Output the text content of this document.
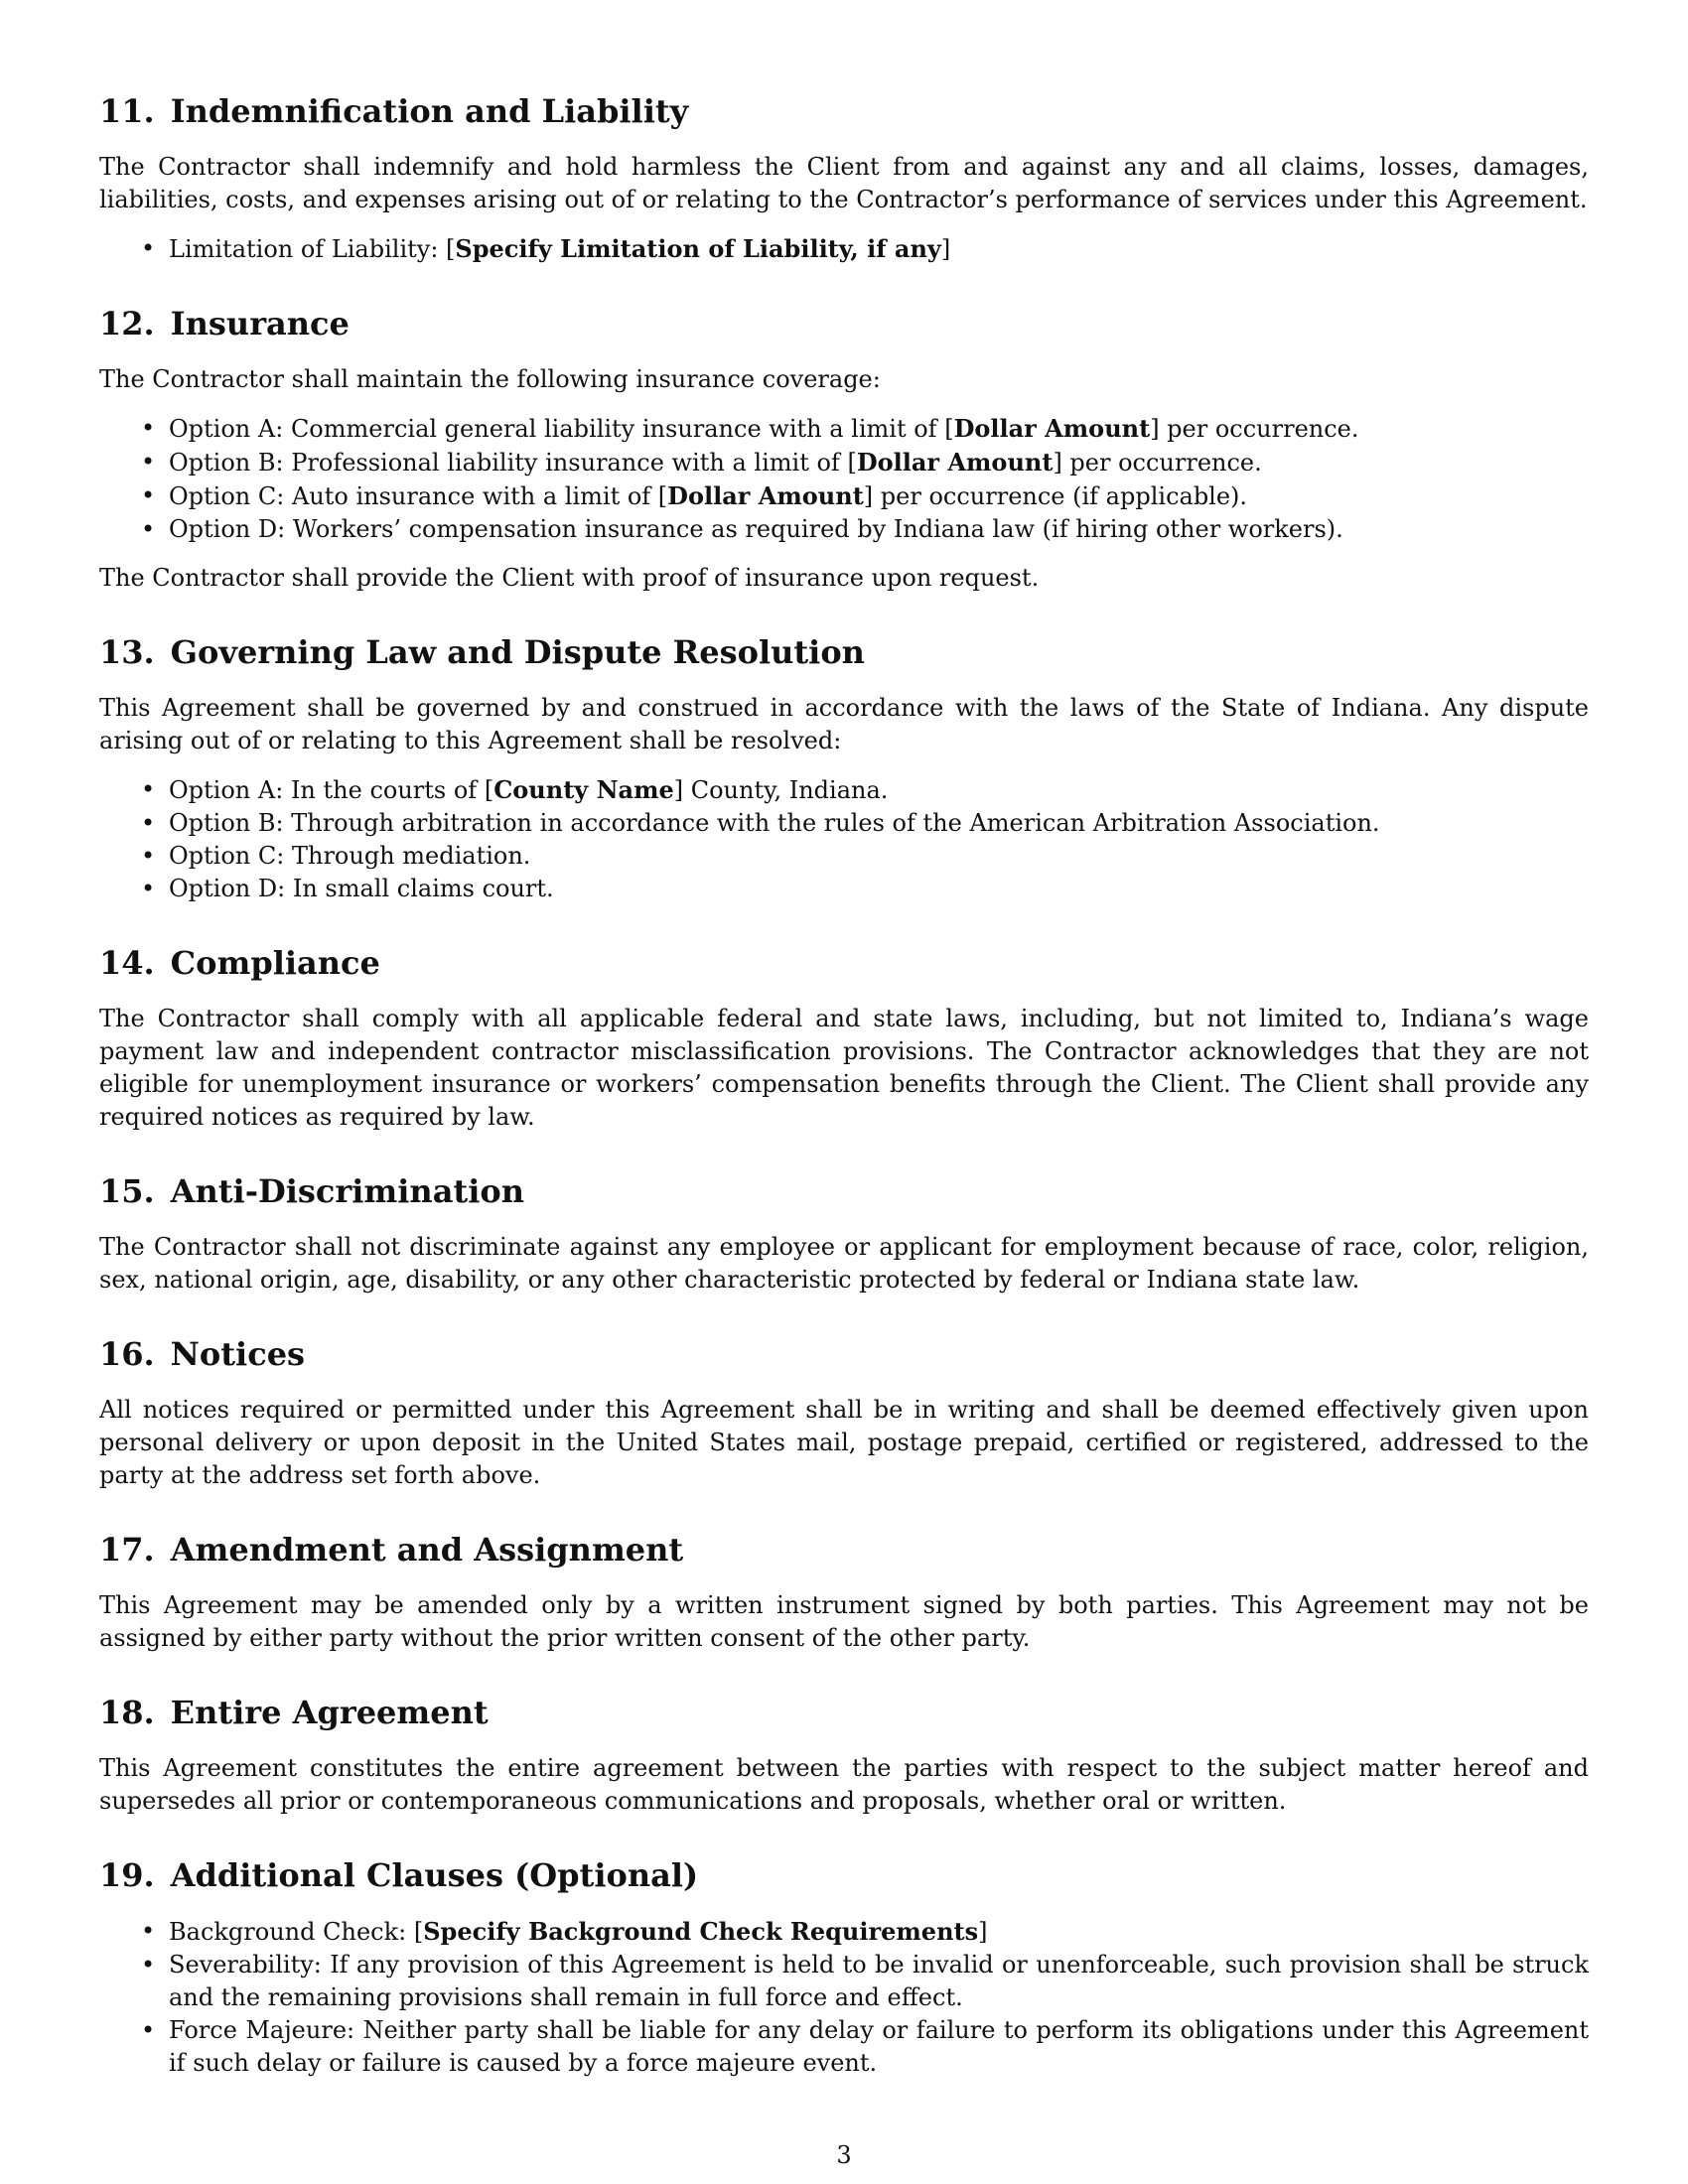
11. Indemnification and Liability

The Contractor shall indemnify and hold harmless the Client from and against any and all claims, losses, damages, liabilities, costs, and expenses arising out of or relating to the Contractor’s performance of services under this Agreement.

• Limitation of Liability: [Specify Limitation of Liability, if any]
12. Insurance

The Contractor shall maintain the following insurance coverage:

• Option A: Commercial general liability insurance with a limit of [Dollar Amount] per occurrence.
• Option B: Professional liability insurance with a limit of [Dollar Amount] per occurrence.
• Option C: Auto insurance with a limit of [Dollar Amount] per occurrence (if applicable).
• Option D: Workers’ compensation insurance as required by Indiana law (if hiring other workers).

The Contractor shall provide the Client with proof of insurance upon request.

13. Governing Law and Dispute Resolution

This Agreement shall be governed by and construed in accordance with the laws of the State of Indiana. Any dispute arising out of or relating to this Agreement shall be resolved:

• Option A: In the courts of [County Name] County, Indiana.
• Option B: Through arbitration in accordance with the rules of the American Arbitration Association.
• Option C: Through mediation.
• Option D: In small claims court.
14. Compliance

The Contractor shall comply with all applicable federal and state laws, including, but not limited to, Indiana’s wage payment law and independent contractor misclassification provisions. The Contractor acknowledges that they are not eligible for unemployment insurance or workers’ compensation benefits through the Client. The Client shall provide any required notices as required by law.

15. Anti-Discrimination

The Contractor shall not discriminate against any employee or applicant for employment because of race, color, religion, sex, national origin, age, disability, or any other characteristic protected by federal or Indiana state law.

16. Notices

All notices required or permitted under this Agreement shall be in writing and shall be deemed effectively given upon personal delivery or upon deposit in the United States mail, postage prepaid, certified or registered, addressed to the party at the address set forth above.

17. Amendment and Assignment

This Agreement may be amended only by a written instrument signed by both parties. This Agreement may not be assigned by either party without the prior written consent of the other party.

18. Entire Agreement

This Agreement constitutes the entire agreement between the parties with respect to the subject matter hereof and supersedes all prior or contemporaneous communications and proposals, whether oral or written.

19. Additional Clauses (Optional)
• Background Check: [Specify Background Check Requirements]
• Severability: If any provision of this Agreement is held to be invalid or unenforceable, such provision shall be struck and the remaining provisions shall remain in full force and effect.
• Force Majeure: Neither party shall be liable for any delay or failure to perform its obligations under this Agreement if such delay or failure is caused by a force majeure event.
3
